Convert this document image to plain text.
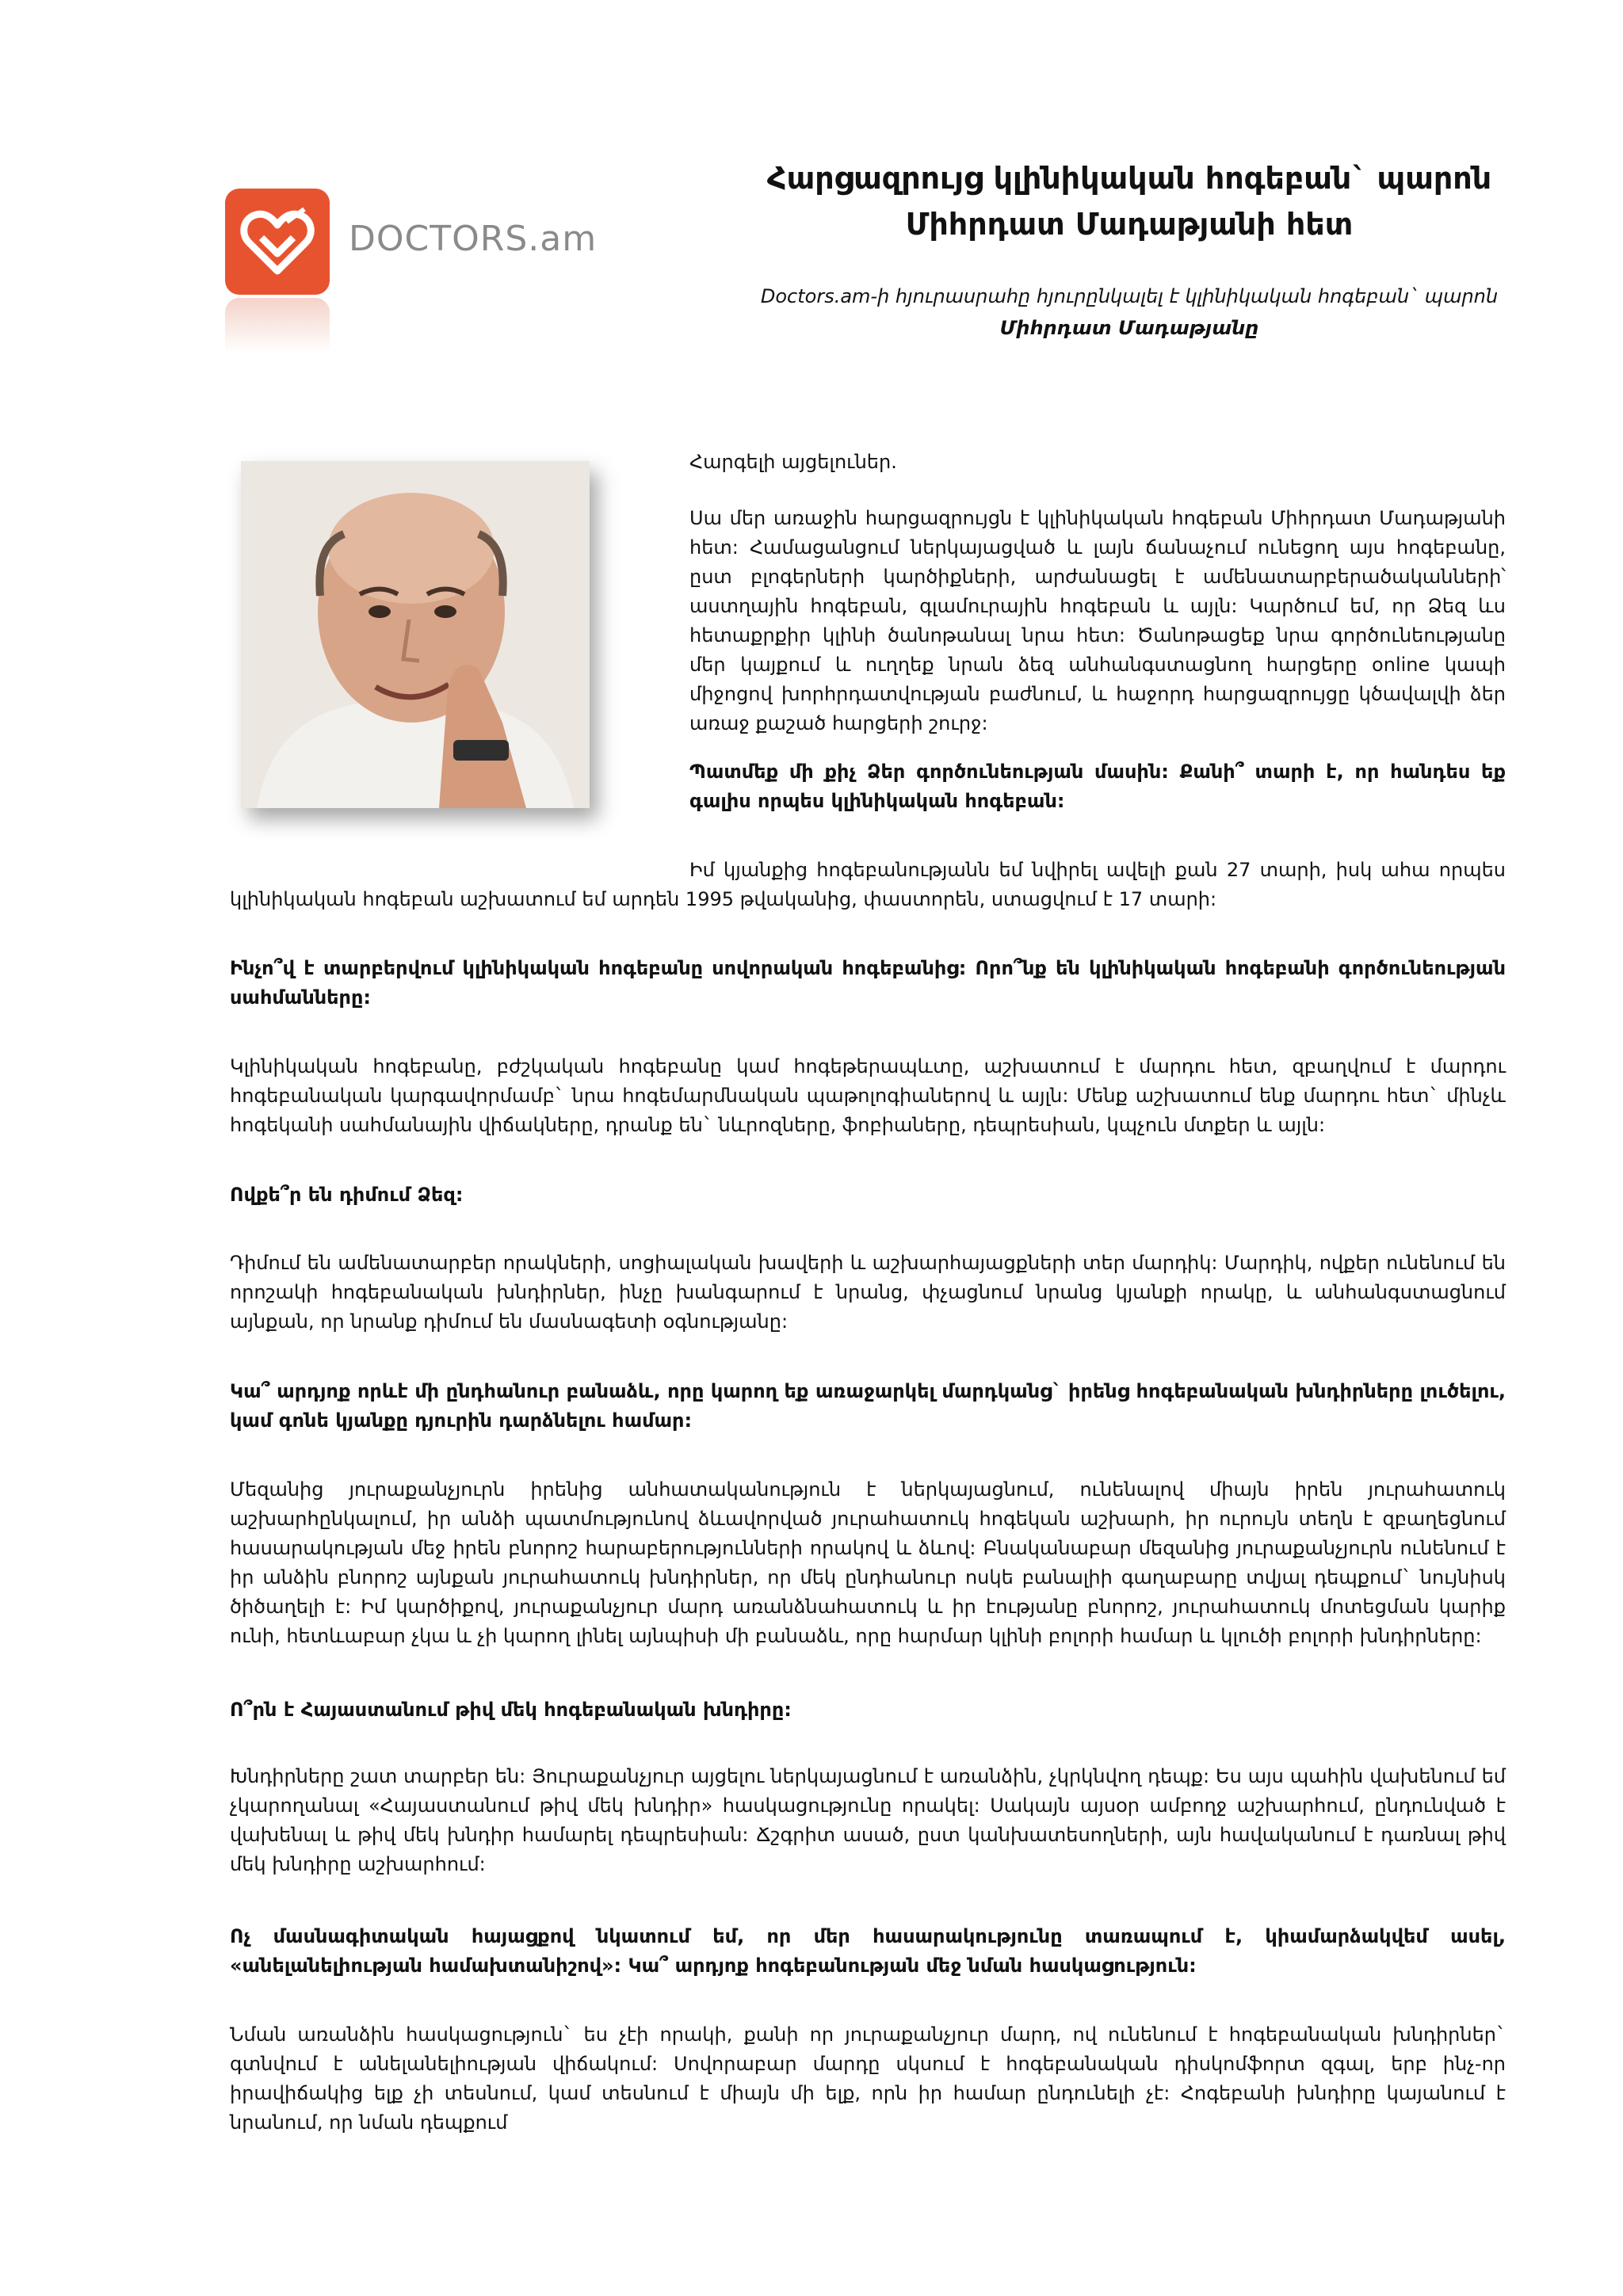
DOCTORS.am
Հարցազրույց կլինիկական հոգեբան` պարոն
Միհրդատ Մադաթյանի հետ
Doctors.am-ի հյուրասրահը հյուրընկալել է կլինիկական հոգեբան` պարոն
Միհրդատ Մադաթյանը
Հարգելի այցելուներ.
Սա մեր առաջին հարցազրույցն է կլինիկական հոգեբան Միհրդատ Մադաթյանի հետ: Համացանցում ներկայացված և լայն ճանաչում ունեցող այս հոգեբանը, ըստ բլոգերների կարծիքների, արժանացել է ամենատարբերածականների՝ աստղային հոգեբան, գլամուրային հոգեբան և այլն: Կարծում եմ, որ Ձեզ ևս հետաքրքիր կլինի ծանոթանալ նրա հետ: Ծանոթացեք նրա գործունեությանը մեր կայքում և ուղղեք նրան ձեզ անհանգստացնող հարցերը online կապի միջոցով խորհրդատվության բաժնում, և հաջորդ հարցազրույցը կծավալվի ձեր առաջ քաշած հարցերի շուրջ:
Պատմեք մի քիչ Ձեր գործունեության մասին: Քանի՞ տարի է, որ հանդես եք գալիս որպես կլինիկական հոգեբան:
Իմ կյանքից հոգեբանությանն եմ նվիրել ավելի քան 27 տարի, իսկ ահա որպես կլինիկական հոգեբան աշխատում եմ արդեն 1995 թվականից, փաստորեն, ստացվում է 17 տարի:
Ինչո՞վ է տարբերվում կլինիկական հոգեբանը սովորական հոգեբանից: Որո՞նք են կլինիկական հոգեբանի գործունեության սահմանները:
Կլինիկական հոգեբանը, բժշկական հոգեբանը կամ հոգեթերապևտը, աշխատում է մարդու հետ, զբաղվում է մարդու հոգեբանական կարգավորմամբ` նրա հոգեմարմնական պաթոլոգիաներով և այլն: Մենք աշխատում ենք մարդու հետ` մինչև հոգեկանի սահմանային վիճակները, դրանք են` նևրոզները, ֆոբիաները, դեպրեսիան, կպչուն մտքեր և այլն:
Ովքե՞ր են դիմում Ձեզ:
Դիմում են ամենատարբեր որակների, սոցիալական խավերի և աշխարհայացքների տեր մարդիկ: Մարդիկ, ովքեր ունենում են որոշակի հոգեբանական խնդիրներ, ինչը խանգարում է նրանց, փչացնում նրանց կյանքի որակը, և անհանգստացնում այնքան, որ նրանք դիմում են մասնագետի օգնությանը:
Կա՞ արդյոք որևէ մի ընդհանուր բանաձև, որը կարող եք առաջարկել մարդկանց` իրենց հոգեբանական խնդիրները լուծելու, կամ գոնե կյանքը դյուրին դարձնելու համար:
Մեզանից յուրաքանչյուրն իրենից անհատականություն է ներկայացնում, ունենալով միայն իրեն յուրահատուկ աշխարհընկալում, իր անձի պատմությունով ձևավորված յուրահատուկ հոգեկան աշխարհ, իր ուրույն տեղն է զբաղեցնում հասարակության մեջ իրեն բնորոշ հարաբերությունների որակով և ձևով: Բնականաբար մեզանից յուրաքանչյուրն ունենում է իր անձին բնորոշ այնքան յուրահատուկ խնդիրներ, որ մեկ ընդհանուր ոսկե բանալիի գաղաբարը տվյալ դեպքում` նույնիսկ ծիծաղելի է: Իմ կարծիքով, յուրաքանչյուր մարդ առանձնահատուկ և իր էությանը բնորոշ, յուրահատուկ մոտեցման կարիք ունի, հետևաբար չկա և չի կարող լինել այնպիսի մի բանաձև, որը հարմար կլինի բոլորի համար և կլուծի բոլորի խնդիրները:
Ո՞րն է Հայաստանում թիվ մեկ հոգեբանական խնդիրը:
Խնդիրները շատ տարբեր են: Յուրաքանչյուր այցելու ներկայացնում է առանձին, չկրկնվող դեպք: Ես այս պահին վախենում եմ չկարողանալ «Հայաստանում թիվ մեկ խնդիր» հասկացությունը որակել: Սակայն այսօր ամբողջ աշխարհում, ընդունված է վախենալ և թիվ մեկ խնդիր համարել դեպրեսիան: Ճշգրիտ ասած, ըստ կանխատեսողների, այն հավականում է դառնալ թիվ մեկ խնդիրը աշխարհում:
Ոչ մասնագիտական հայացքով նկատում եմ, որ մեր հասարակությունը տառապում է, կիամարձակվեմ ասել, «անելանելիության համախտանիշով»: Կա՞ արդյոք հոգեբանության մեջ նման հասկացություն:
Նման առանձին հասկացություն` ես չէի որակի, քանի որ յուրաքանչյուր մարդ, ով ունենում է հոգեբանական խնդիրներ` գտնվում է անելանելիության վիճակում: Սովորաբար մարդը սկսում է հոգեբանական դիսկոմֆորտ զգալ, երբ ինչ-որ իրավիճակից ելք չի տեսնում, կամ տեսնում է միայն մի ելք, որն իր համար ընդունելի չէ: Հոգեբանի խնդիրը կայանում է նրանում, որ նման դեպքում
